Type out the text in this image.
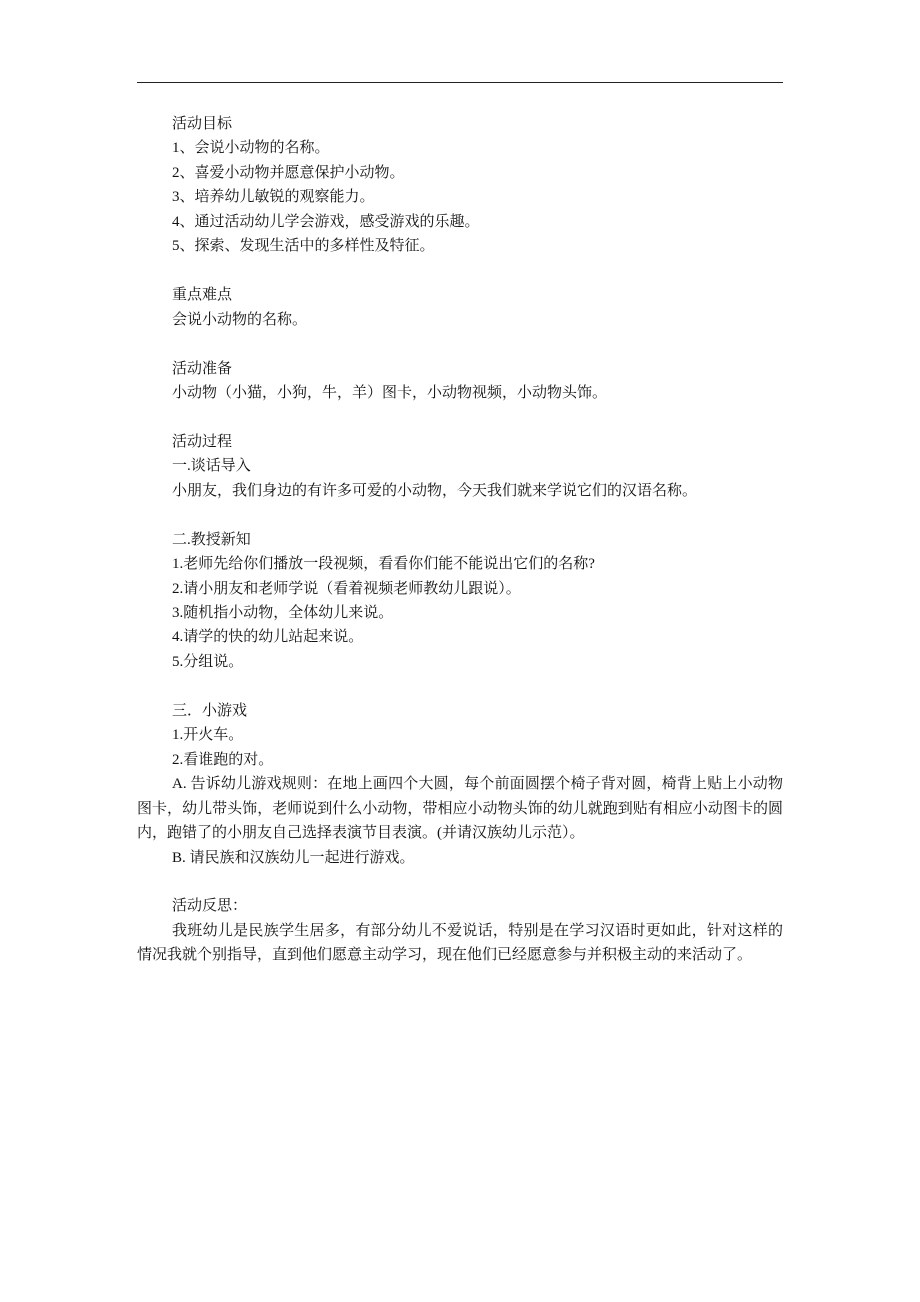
活动目标
1、会说小动物的名称。
2、喜爱小动物并愿意保护小动物。
3、培养幼儿敏锐的观察能力。
4、通过活动幼儿学会游戏，感受游戏的乐趣。
5、探索、发现生活中的多样性及特征。
重点难点
会说小动物的名称。
活动准备
小动物（小猫，小狗，牛，羊）图卡，小动物视频，小动物头饰。
活动过程
一.谈话导入
小朋友，我们身边的有许多可爱的小动物，今天我们就来学说它们的汉语名称。
二.教授新知
1.老师先给你们播放一段视频，看看你们能不能说出它们的名称?
2.请小朋友和老师学说（看着视频老师教幼儿跟说）。
3.随机指小动物，全体幼儿来说。
4.请学的快的幼儿站起来说。
5.分组说。
三．小游戏
1.开火车。
2.看谁跑的对。
A. 告诉幼儿游戏规则：在地上画四个大圆，每个前面圆摆个椅子背对圆，椅背上贴上小动物图卡，幼儿带头饰，老师说到什么小动物，带相应小动物头饰的幼儿就跑到贴有相应小动图卡的圆内，跑错了的小朋友自己选择表演节目表演。(并请汉族幼儿示范）。
B. 请民族和汉族幼儿一起进行游戏。
活动反思：
我班幼儿是民族学生居多，有部分幼儿不爱说话，特别是在学习汉语时更如此，针对这样的情况我就个别指导，直到他们愿意主动学习，现在他们已经愿意参与并积极主动的来活动了。
